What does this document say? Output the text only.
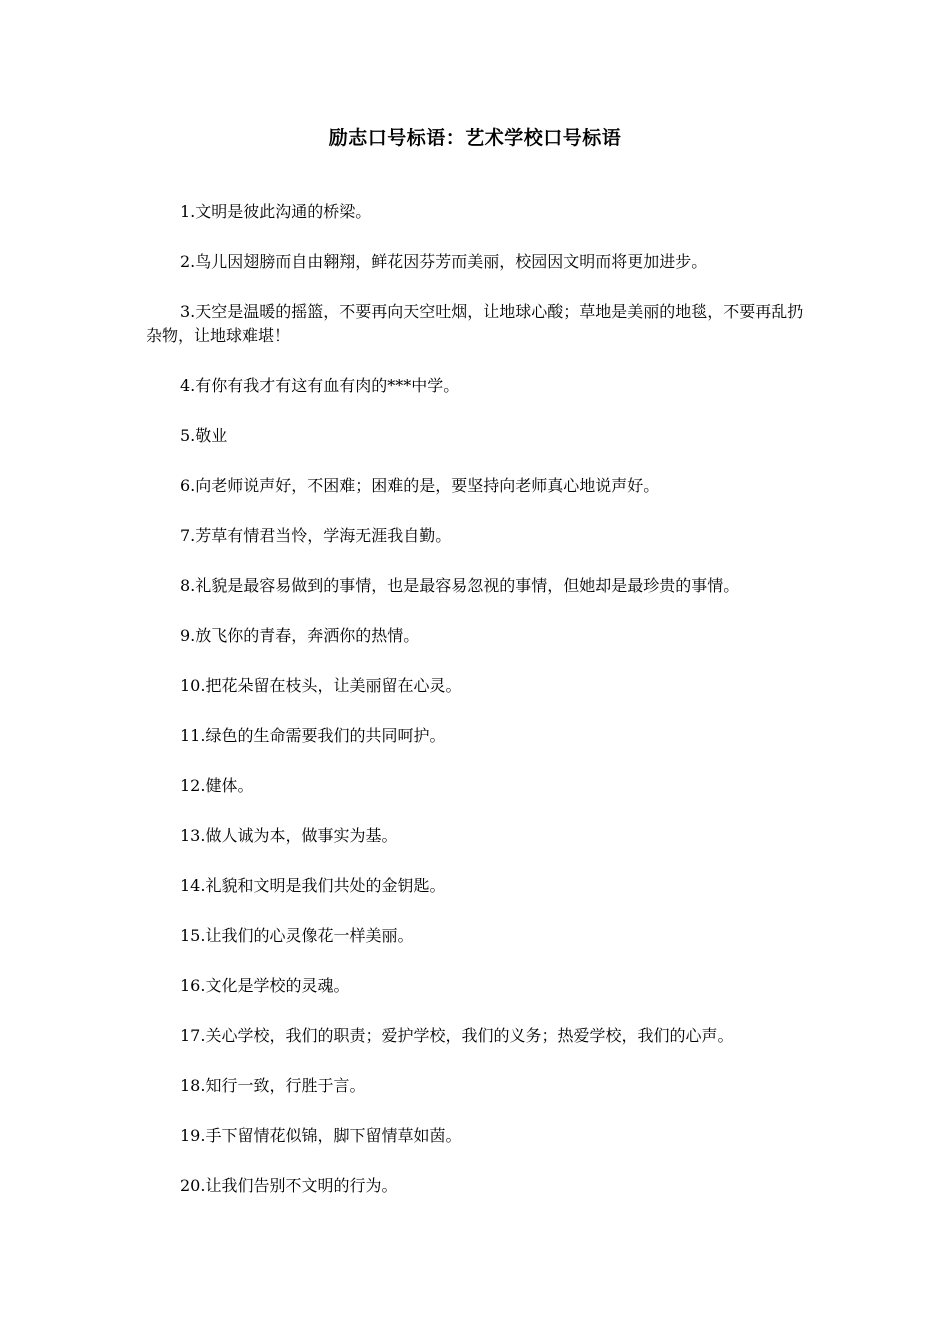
励志口号标语：艺术学校口号标语

1.文明是彼此沟通的桥梁。

2.鸟儿因翅膀而自由翱翔，鲜花因芬芳而美丽，校园因文明而将更加进步。

3.天空是温暖的摇篮，不要再向天空吐烟，让地球心酸；草地是美丽的地毯，不要再乱扔杂物，让地球难堪！

4.有你有我才有这有血有肉的***中学。

5.敬业

6.向老师说声好，不困难；困难的是，要坚持向老师真心地说声好。

7.芳草有情君当怜，学海无涯我自勤。

8.礼貌是最容易做到的事情，也是最容易忽视的事情，但她却是最珍贵的事情。

9.放飞你的青春，奔洒你的热情。

10.把花朵留在枝头，让美丽留在心灵。

11.绿色的生命需要我们的共同呵护。

12.健体。

13.做人诚为本，做事实为基。

14.礼貌和文明是我们共处的金钥匙。

15.让我们的心灵像花一样美丽。

16.文化是学校的灵魂。

17.关心学校，我们的职责；爱护学校，我们的义务；热爱学校，我们的心声。

18.知行一致，行胜于言。

19.手下留情花似锦，脚下留情草如茵。

20.让我们告别不文明的行为。
